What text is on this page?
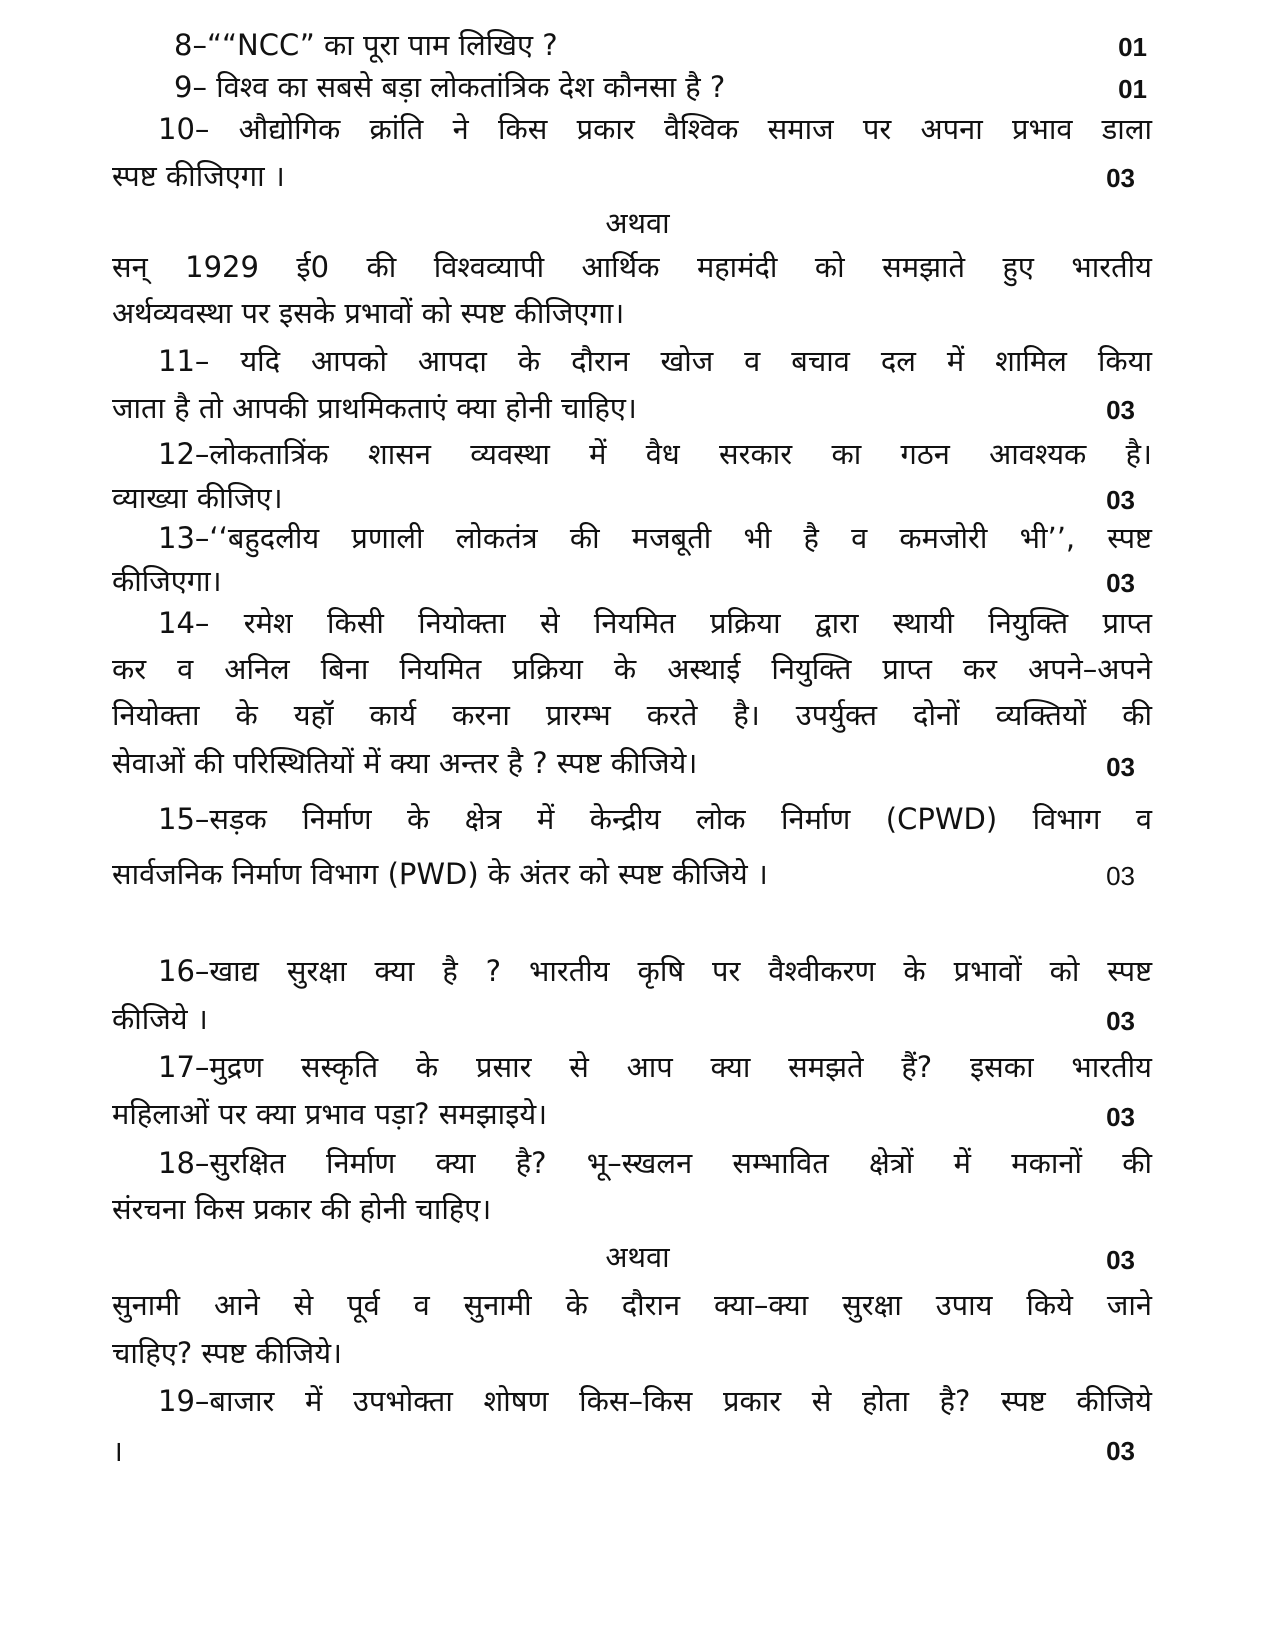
8–““NCC” का पूरा पाम लिखिए ?	01
9– विश्व का सबसे बड़ा लोकतांत्रिक देश कौनसा है ?	01
10– औद्योगिक क्रांति ने किस प्रकार वैश्विक समाज पर अपना प्रभाव डाला
स्पष्ट कीजिएगा ।	03
अथवा
सन् 1929 ई0 की विश्वव्यापी आर्थिक महामंदी को समझाते हुए भारतीय
अर्थव्यवस्था पर इसके प्रभावों को स्पष्ट कीजिएगा।
11– यदि आपको आपदा के दौरान खोज व बचाव दल में शामिल किया
जाता है तो आपकी प्राथमिकताएं क्या होनी चाहिए।	03
12–लोकतात्रिंक शासन व्यवस्था में वैध सरकार का गठन आवश्यक है।
व्याख्या कीजिए।	03
13–‘‘बहुदलीय प्रणाली लोकतंत्र की मजबूती भी है व कमजोरी भी’’, स्पष्ट
कीजिएगा।	03
14– रमेश किसी नियोक्ता से नियमित प्रक्रिया द्वारा स्थायी नियुक्ति प्राप्त
कर व अनिल बिना नियमित प्रक्रिया के अस्थाई नियुक्ति प्राप्त कर अपने–अपने
नियोक्ता के यहॉ कार्य करना प्रारम्भ करते है। उपर्युक्त दोनों व्यक्तियों की
सेवाओं की परिस्थितियों में क्या अन्तर है ? स्पष्ट कीजिये।	03
15–सड़क निर्माण के क्षेत्र में केन्द्रीय लोक निर्माण (CPWD) विभाग व
सार्वजनिक निर्माण विभाग (PWD) के अंतर को स्पष्ट कीजिये ।	03
16–खाद्य सुरक्षा क्या है ? भारतीय कृषि पर वैश्वीकरण के प्रभावों को स्पष्ट
कीजिये ।	03
17–मुद्रण सस्कृति के प्रसार से आप क्या समझते हैं? इसका भारतीय
महिलाओं पर क्या प्रभाव पड़ा? समझाइये।	03
18–सुरक्षित निर्माण क्या है? भू–स्खलन सम्भावित क्षेत्रों में मकानों की
संरचना किस प्रकार की होनी चाहिए।
अथवा	03
सुनामी आने से पूर्व व सुनामी के दौरान क्या–क्या सुरक्षा उपाय किये जाने
चाहिए? स्पष्ट कीजिये।
19–बाजार में उपभोक्ता शोषण किस–किस प्रकार से होता है? स्पष्ट कीजिये
।	03
